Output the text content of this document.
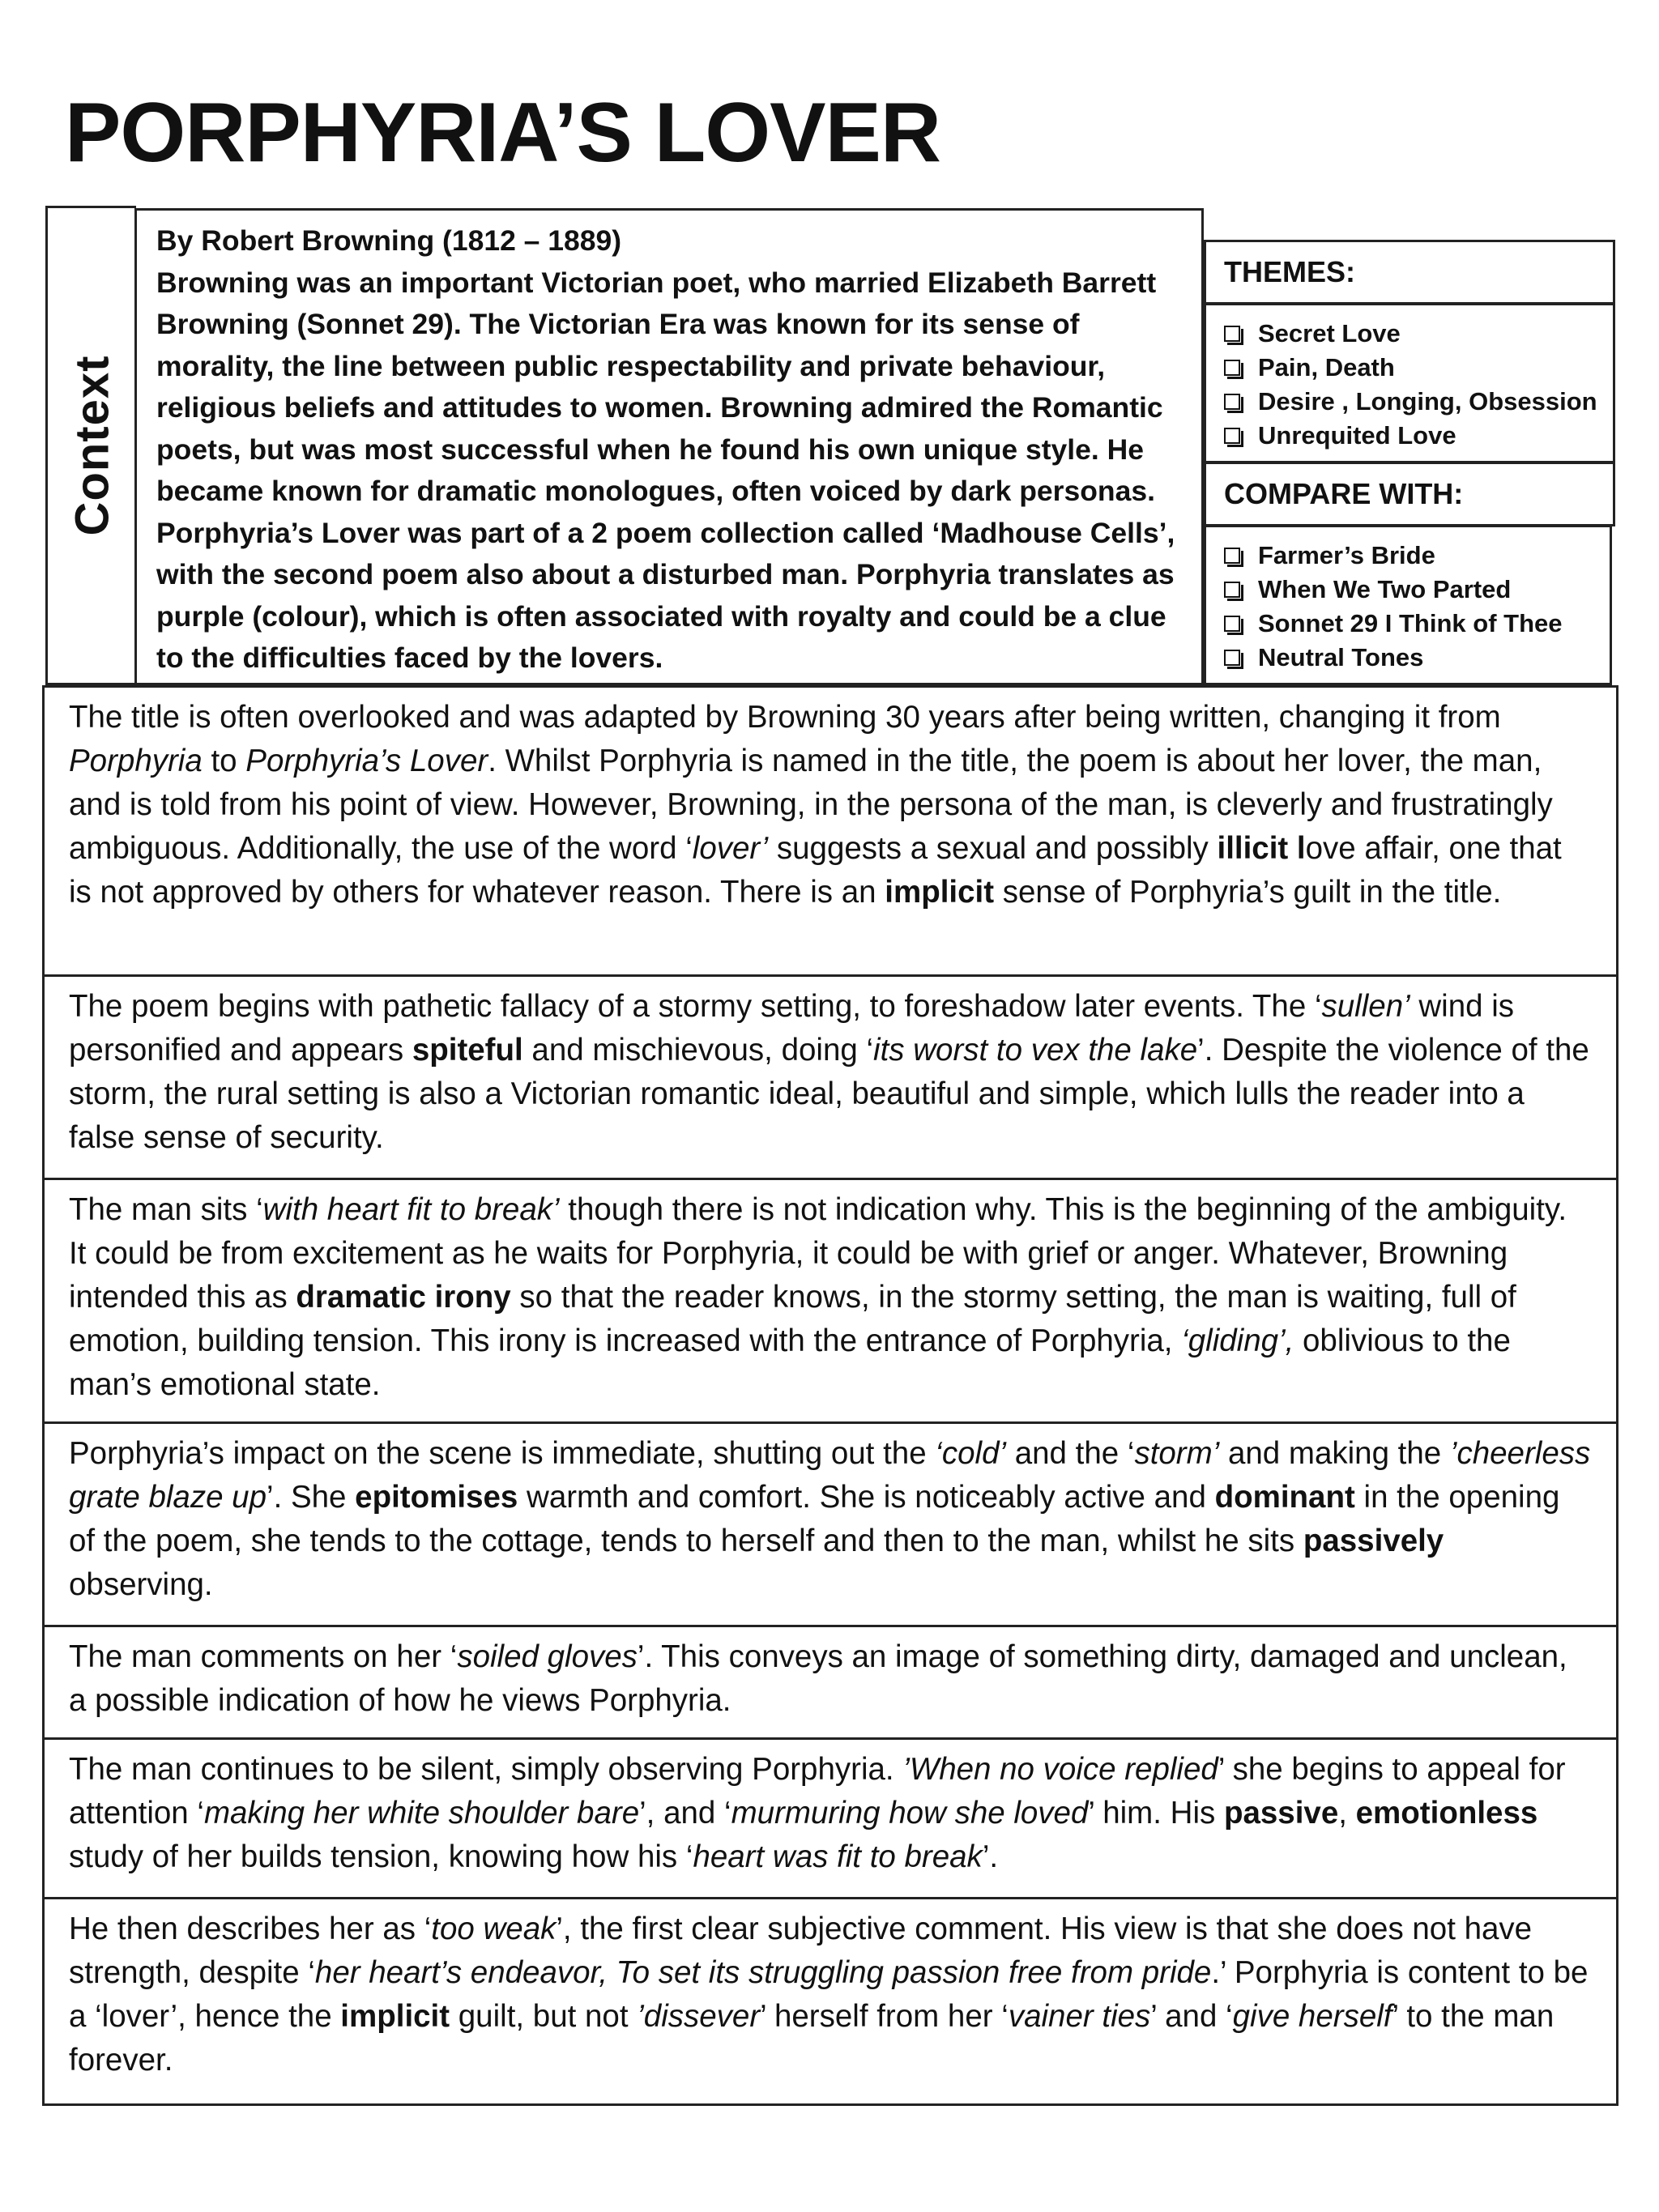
PORPHYRIA’S LOVER
Context

By Robert Browning (1812 – 1889)

Browning was an important Victorian poet, who married Elizabeth Barrett Browning (Sonnet 29). The Victorian Era was known for its sense of morality, the line between public respectability and private behaviour, religious beliefs and attitudes to women. Browning admired the Romantic poets, but was most successful when he found his own unique style. He became known for dramatic monologues, often voiced by dark personas. Porphyria’s Lover was part of a 2 poem collection called ‘Madhouse Cells’, with the second poem also about a disturbed man. Porphyria translates as purple (colour), which is often associated with royalty and could be a clue to the difficulties faced by the lovers.

THEMES:

Secret Love
Pain, Death
Desire , Longing, Obsession
Unrequited Love

COMPARE WITH:

Farmer’s Bride
When We Two Parted
Sonnet 29 I Think of Thee
Neutral Tones

The title is often overlooked and was adapted by Browning 30 years after being written, changing it from Porphyria to Porphyria’s Lover. Whilst Porphyria is named in the title, the poem is about her lover, the man, and is told from his point of view. However, Browning, in the persona of the man, is cleverly and frustratingly ambiguous. Additionally, the use of the word ‘lover’ suggests a sexual and possibly illicit love affair, one that is not approved by others for whatever reason. There is an implicit sense of Porphyria’s guilt in the title.

The poem begins with pathetic fallacy of a stormy setting, to foreshadow later events. The ‘sullen’ wind is personified and appears spiteful and mischievous, doing ‘its worst to vex the lake’. Despite the violence of the storm, the rural setting is also a Victorian romantic ideal, beautiful and simple, which lulls the reader into a false sense of security.

The man sits ‘with heart fit to break’ though there is not indication why. This is the beginning of the ambiguity. It could be from excitement as he waits for Porphyria, it could be with grief or anger. Whatever, Browning intended this as dramatic irony so that the reader knows, in the stormy setting, the man is waiting, full of emotion, building tension. This irony is increased with the entrance of Porphyria, ‘gliding’, oblivious to the man’s emotional state.

Porphyria’s impact on the scene is immediate, shutting out the ‘cold’ and the ‘storm’ and making the ’cheerless grate blaze up’. She epitomises warmth and comfort. She is noticeably active and dominant in the opening of the poem, she tends to the cottage, tends to herself and then to the man, whilst he sits passively observing.

The man comments on her ‘soiled gloves’. This conveys an image of something dirty, damaged and unclean, a possible indication of how he views Porphyria.

The man continues to be silent, simply observing Porphyria. ’When no voice replied’ she begins to appeal for attention ‘making her white shoulder bare’, and ‘murmuring how she loved’ him. His passive, emotionless study of her builds tension, knowing how his ‘heart was fit to break’.

He then describes her as ‘too weak’, the first clear subjective comment. His view is that she does not have strength, despite ‘her heart’s endeavor, To set its struggling passion free from pride.’ Porphyria is content to be a ‘lover’, hence the implicit guilt, but not ’dissever’ herself from her ‘vainer ties’ and ‘give herself’ to the man forever.
